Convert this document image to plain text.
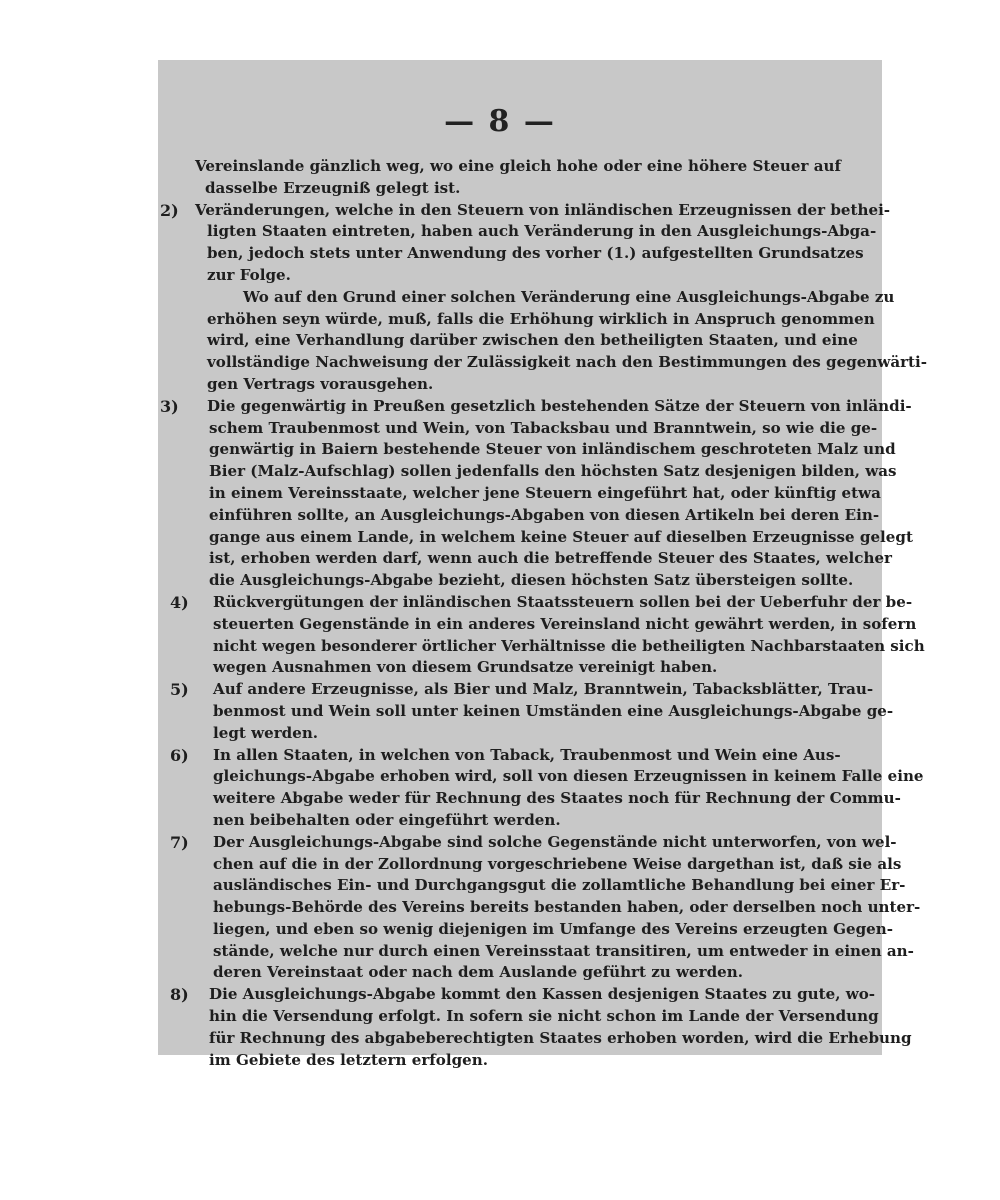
— 8 —
Vereinslande gänzlich weg, wo eine gleich hohe oder eine höhere Steuer auf
dasselbe Erzeugniß gelegt ist.
Veränderungen, welche in den Steuern von inländischen Erzeugnissen der bethei-
2)
ligten Staaten eintreten, haben auch Veränderung in den Ausgleichungs-Abga-
ben, jedoch stets unter Anwendung des vorher (1.) aufgestellten Grundsatzes
zur Folge.
Wo auf den Grund einer solchen Veränderung eine Ausgleichungs-Abgabe zu
erhöhen seyn würde, muß, falls die Erhöhung wirklich in Anspruch genommen
wird, eine Verhandlung darüber zwischen den betheiligten Staaten, und eine
vollständige Nachweisung der Zulässigkeit nach den Bestimmungen des gegenwärti-
gen Vertrags vorausgehen.
Die gegenwärtig in Preußen gesetzlich bestehenden Sätze der Steuern von inländi-
3)
schem Traubenmost und Wein, von Tabacksbau und Branntwein, so wie die ge-
genwärtig in Baiern bestehende Steuer von inländischem geschroteten Malz und
Bier (Malz-Aufschlag) sollen jedenfalls den höchsten Satz desjenigen bilden, was
in einem Vereinsstaate, welcher jene Steuern eingeführt hat, oder künftig etwa
einführen sollte, an Ausgleichungs-Abgaben von diesen Artikeln bei deren Ein-
gange aus einem Lande, in welchem keine Steuer auf dieselben Erzeugnisse gelegt
ist, erhoben werden darf, wenn auch die betreffende Steuer des Staates, welcher
die Ausgleichungs-Abgabe bezieht, diesen höchsten Satz übersteigen sollte.
Rückvergütungen der inländischen Staatssteuern sollen bei der Ueberfuhr der be-
4)
steuerten Gegenstände in ein anderes Vereinsland nicht gewährt werden, in sofern
nicht wegen besonderer örtlicher Verhältnisse die betheiligten Nachbarstaaten sich
wegen Ausnahmen von diesem Grundsatze vereinigt haben.
Auf andere Erzeugnisse, als Bier und Malz, Branntwein, Tabacksblätter, Trau-
5)
benmost und Wein soll unter keinen Umständen eine Ausgleichungs-Abgabe ge-
legt werden.
In allen Staaten, in welchen von Taback, Traubenmost und Wein eine Aus-
6)
gleichungs-Abgabe erhoben wird, soll von diesen Erzeugnissen in keinem Falle eine
weitere Abgabe weder für Rechnung des Staates noch für Rechnung der Commu-
nen beibehalten oder eingeführt werden.
Der Ausgleichungs-Abgabe sind solche Gegenstände nicht unterworfen, von wel-
7)
chen auf die in der Zollordnung vorgeschriebene Weise dargethan ist, daß sie als
ausländisches Ein- und Durchgangsgut die zollamtliche Behandlung bei einer Er-
hebungs-Behörde des Vereins bereits bestanden haben, oder derselben noch unter-
liegen, und eben so wenig diejenigen im Umfange des Vereins erzeugten Gegen-
stände, welche nur durch einen Vereinsstaat transitiren, um entweder in einen an-
deren Vereinstaat oder nach dem Auslande geführt zu werden.
Die Ausgleichungs-Abgabe kommt den Kassen desjenigen Staates zu gute, wo-
8)
hin die Versendung erfolgt. In sofern sie nicht schon im Lande der Versendung
für Rechnung des abgabeberechtigten Staates erhoben worden, wird die Erhebung
im Gebiete des letztern erfolgen.
